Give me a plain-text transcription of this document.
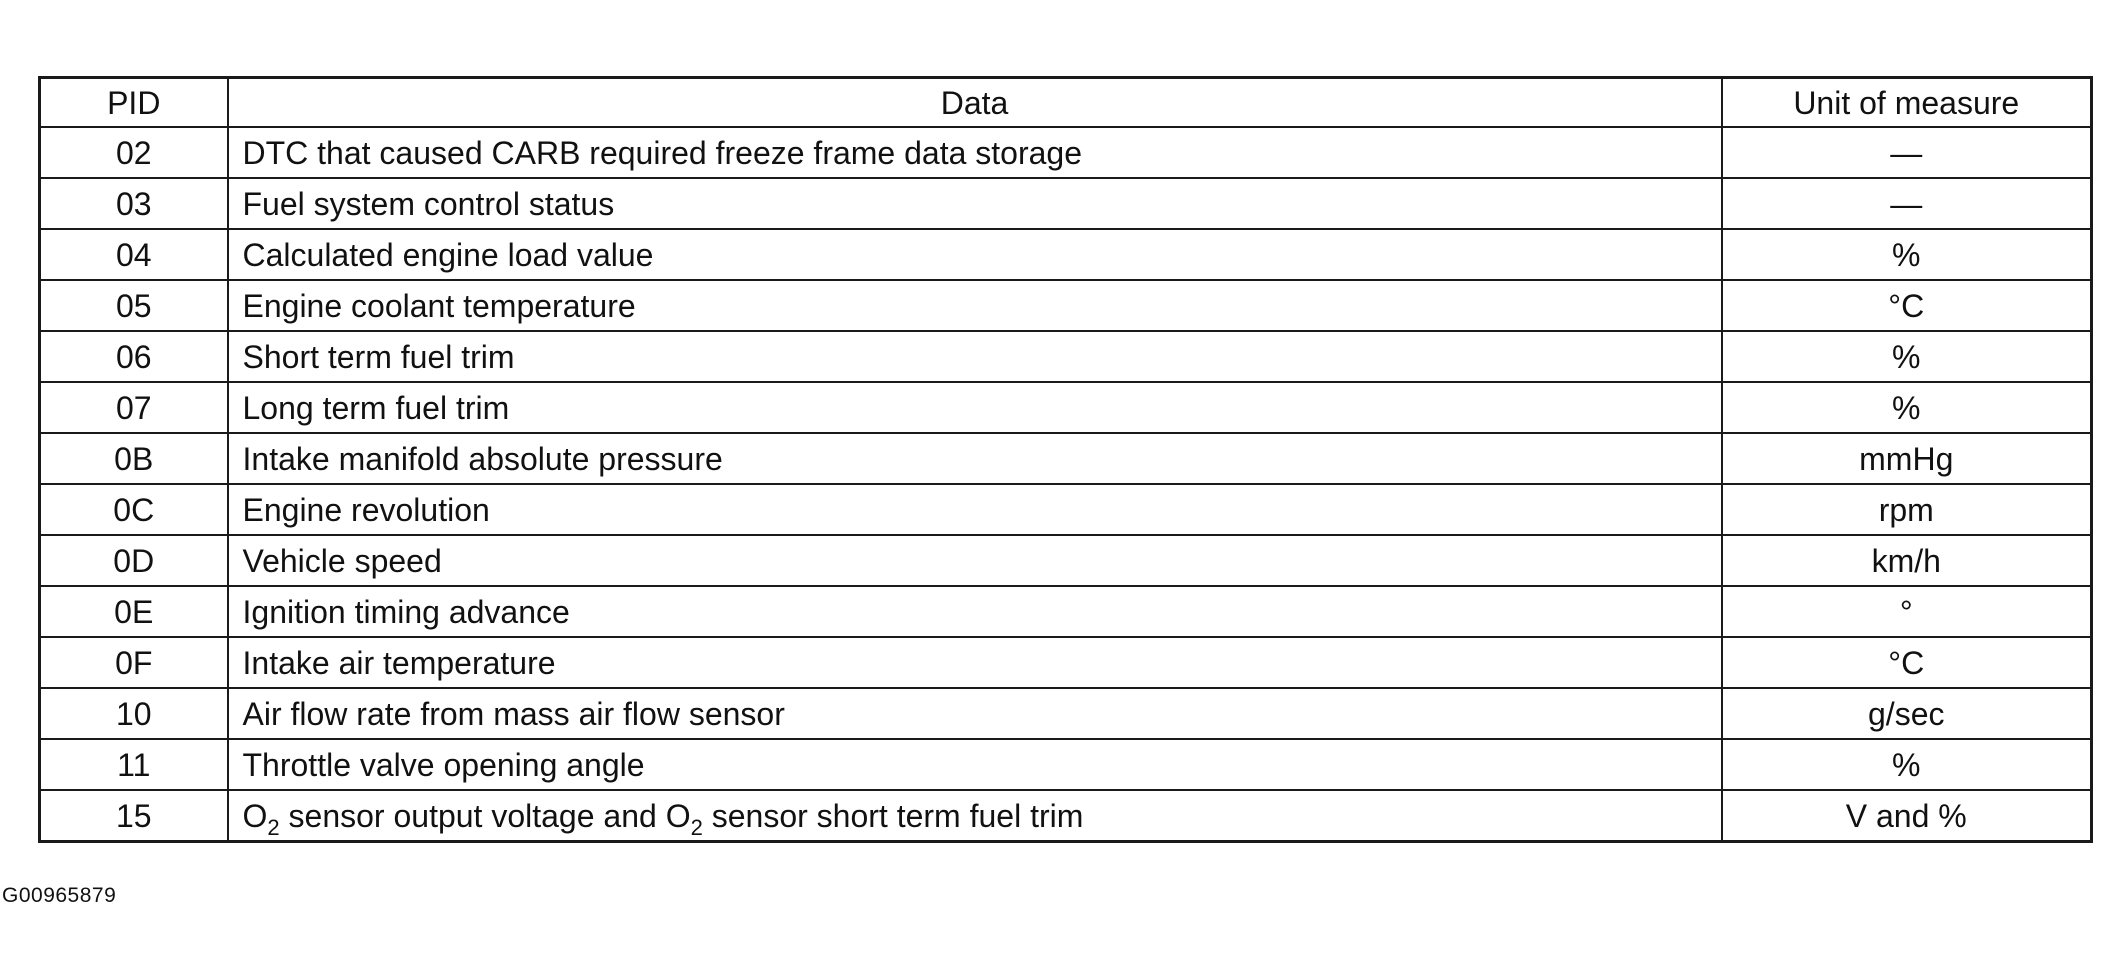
PID	Data	Unit of measure
02	DTC that caused CARB required freeze frame data storage	—
03	Fuel system control status	—
04	Calculated engine load value	%
05	Engine coolant temperature	°C
06	Short term fuel trim	%
07	Long term fuel trim	%
0B	Intake manifold absolute pressure	mmHg
0C	Engine revolution	rpm
0D	Vehicle speed	km/h
0E	Ignition timing advance	°
0F	Intake air temperature	°C
10	Air flow rate from mass air flow sensor	g/sec
11	Throttle valve opening angle	%
15	$O_2$ sensor output voltage and $O_2$ sensor short term fuel trim	V and %
G00965879
